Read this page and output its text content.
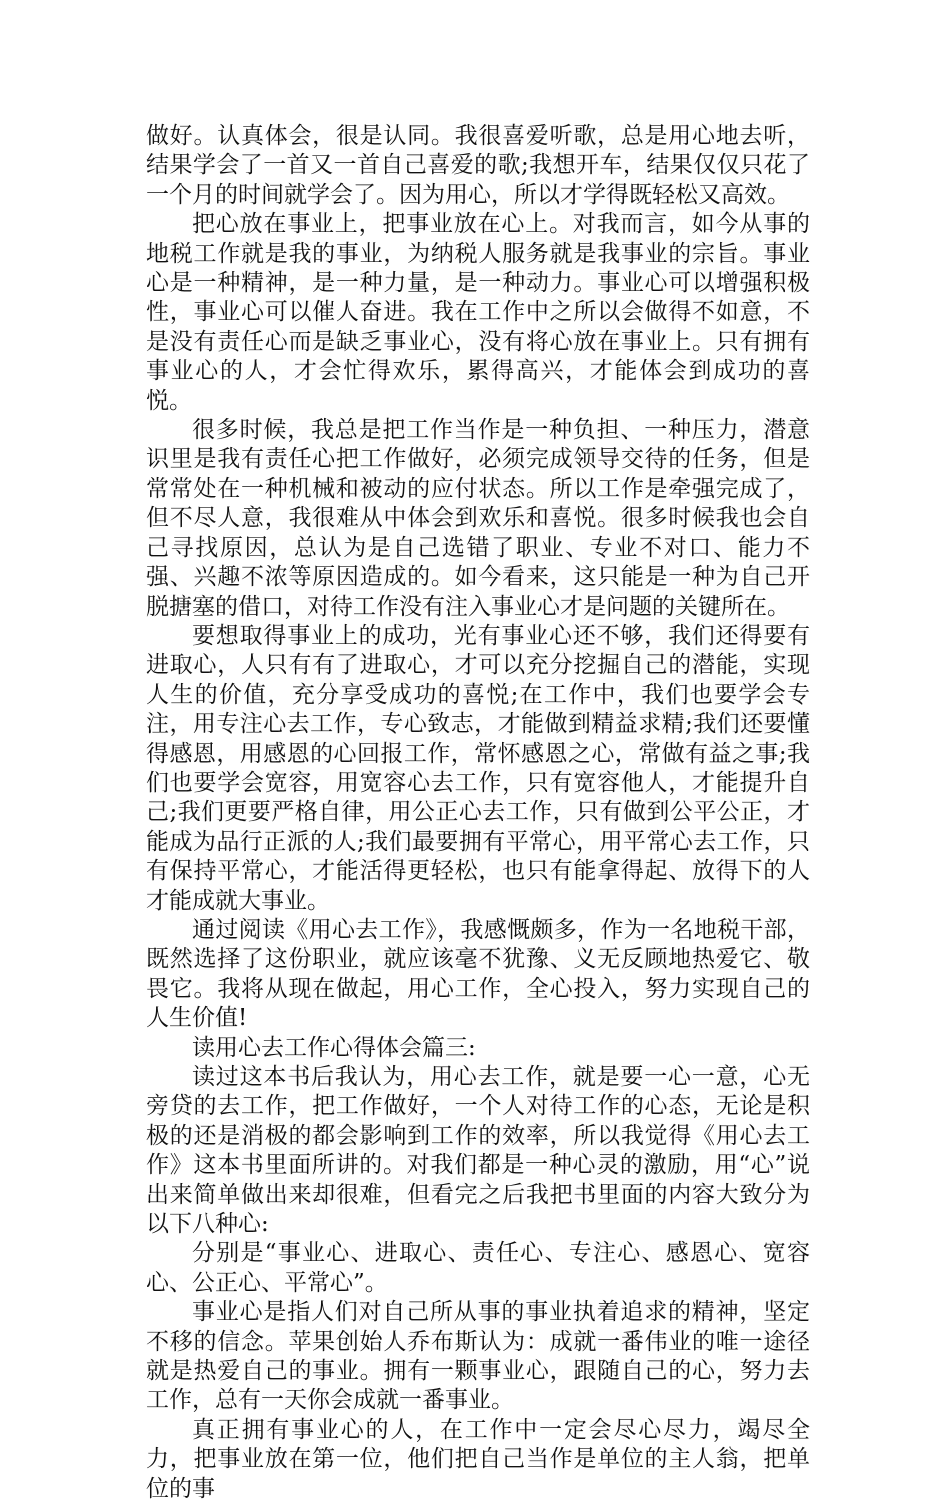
做好。认真体会，很是认同。我很喜爱听歌，总是用心地去听，结果学会了一首又一首自己喜爱的歌;我想开车，结果仅仅只花了一个月的时间就学会了。因为用心，所以才学得既轻松又高效。

把心放在事业上，把事业放在心上。对我而言，如今从事的地税工作就是我的事业，为纳税人服务就是我事业的宗旨。事业心是一种精神，是一种力量，是一种动力。事业心可以增强积极性，事业心可以催人奋进。我在工作中之所以会做得不如意，不是没有责任心而是缺乏事业心，没有将心放在事业上。只有拥有事业心的人，才会忙得欢乐，累得高兴，才能体会到成功的喜悦。

很多时候，我总是把工作当作是一种负担、一种压力，潜意识里是我有责任心把工作做好，必须完成领导交待的任务，但是常常处在一种机械和被动的应付状态。所以工作是牵强完成了，但不尽人意，我很难从中体会到欢乐和喜悦。很多时候我也会自己寻找原因，总认为是自己选错了职业、专业不对口、能力不强、兴趣不浓等原因造成的。如今看来，这只能是一种为自己开脱搪塞的借口，对待工作没有注入事业心才是问题的关键所在。

要想取得事业上的成功，光有事业心还不够，我们还得要有进取心，人只有有了进取心，才可以充分挖掘自己的潜能，实现人生的价值，充分享受成功的喜悦;在工作中，我们也要学会专注，用专注心去工作，专心致志，才能做到精益求精;我们还要懂得感恩，用感恩的心回报工作，常怀感恩之心，常做有益之事;我们也要学会宽容，用宽容心去工作，只有宽容他人，才能提升自己;我们更要严格自律，用公正心去工作，只有做到公平公正，才能成为品行正派的人;我们最要拥有平常心，用平常心去工作，只有保持平常心，才能活得更轻松，也只有能拿得起、放得下的人才能成就大事业。

通过阅读《用心去工作》，我感慨颇多，作为一名地税干部，既然选择了这份职业，就应该毫不犹豫、义无反顾地热爱它、敬畏它。我将从现在做起，用心工作，全心投入，努力实现自己的人生价值!

读用心去工作心得体会篇三:

读过这本书后我认为，用心去工作，就是要一心一意，心无旁贷的去工作，把工作做好，一个人对待工作的心态，无论是积极的还是消极的都会影响到工作的效率，所以我觉得《用心去工作》这本书里面所讲的。对我们都是一种心灵的激励，用“心”说出来简单做出来却很难，但看完之后我把书里面的内容大致分为以下八种心:

分别是“事业心、进取心、责任心、专注心、感恩心、宽容心、公正心、平常心”。

事业心是指人们对自己所从事的事业执着追求的精神，坚定不移的信念。苹果创始人乔布斯认为：成就一番伟业的唯一途径就是热爱自己的事业。拥有一颗事业心，跟随自己的心，努力去工作，总有一天你会成就一番事业。

真正拥有事业心的人，在工作中一定会尽心尽力，竭尽全力，把事业放在第一位，他们把自己当作是单位的主人翁，把单位的事
